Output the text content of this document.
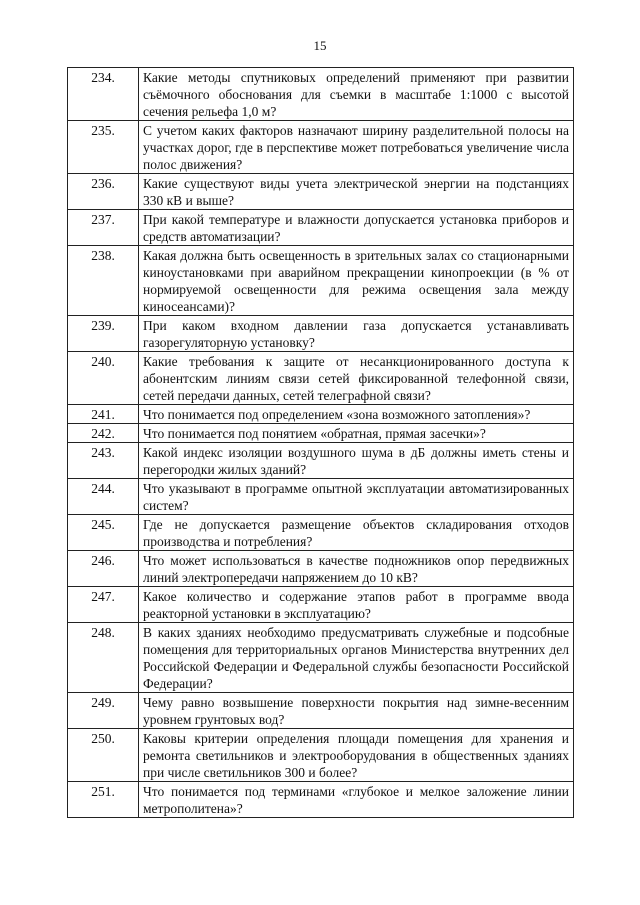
15
234.	Какие методы спутниковых определений применяют при развитии съёмочного обоснования для съемки в масштабе 1:1000 с высотой сечения рельефа 1,0 м?
235.	С учетом каких факторов назначают ширину разделительной полосы на участках дорог, где в перспективе может потребоваться увеличение числа полос движения?
236.	Какие существуют виды учета электрической энергии на подстанциях 330 кВ и выше?
237.	При какой температуре и влажности допускается установка приборов и средств автоматизации?
238.	Какая должна быть освещенность в зрительных залах со стационарными киноустановками при аварийном прекращении кинопроекции (в % от нормируемой освещенности для режима освещения зала между киносеансами)?
239.	При каком входном давлении газа допускается устанавливать газорегуляторную установку?
240.	Какие требования к защите от несанкционированного доступа к абонентским линиям связи сетей фиксированной телефонной связи, сетей передачи данных, сетей телеграфной связи?
241.	Что понимается под определением «зона возможного затопления»?
242.	Что понимается под понятием «обратная, прямая засечки»?
243.	Какой индекс изоляции воздушного шума в дБ должны иметь стены и перегородки жилых зданий?
244.	Что указывают в программе опытной эксплуатации автоматизированных систем?
245.	Где не допускается размещение объектов складирования отходов производства и потребления?
246.	Что может использоваться в качестве подножников опор передвижных линий электропередачи напряжением до 10 кВ?
247.	Какое количество и содержание этапов работ в программе ввода реакторной установки в эксплуатацию?
248.	В каких зданиях необходимо предусматривать служебные и подсобные помещения для территориальных органов Министерства внутренних дел Российской Федерации и Федеральной службы безопасности Российской Федерации?
249.	Чему равно возвышение поверхности покрытия над зимне-весенним уровнем грунтовых вод?
250.	Каковы критерии определения площади помещения для хранения и ремонта светильников и электрооборудования в общественных зданиях при числе светильников 300 и более?
251.	Что понимается под терминами «глубокое и мелкое заложение линии метрополитена»?
